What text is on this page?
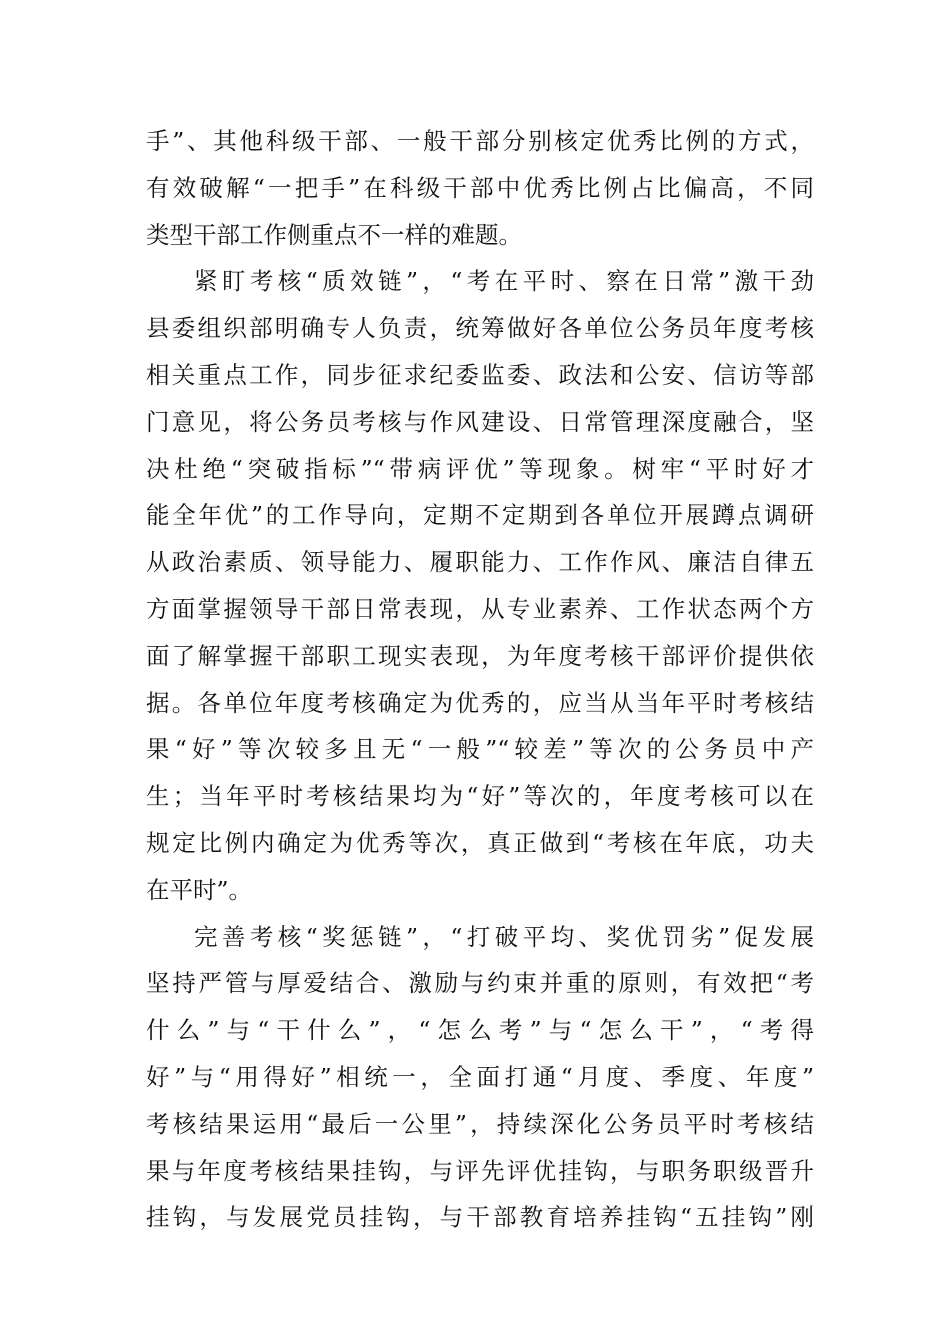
手”、其他科级干部、一般干部分别核定优秀比例的方式，
有效破解“一把手”在科级干部中优秀比例占比偏高，不同
类型干部工作侧重点不一样的难题。
紧盯考核“质效链”，“考在平时、察在日常”激干劲
县委组织部明确专人负责，统筹做好各单位公务员年度考核
相关重点工作，同步征求纪委监委、政法和公安、信访等部
门意见，将公务员考核与作风建设、日常管理深度融合，坚
决杜绝“突破指标”“带病评优”等现象。树牢“平时好才
能全年优”的工作导向，定期不定期到各单位开展蹲点调研
从政治素质、领导能力、履职能力、工作作风、廉洁自律五
方面掌握领导干部日常表现，从专业素养、工作状态两个方
面了解掌握干部职工现实表现，为年度考核干部评价提供依
据。各单位年度考核确定为优秀的，应当从当年平时考核结
果“好”等次较多且无“一般”“较差”等次的公务员中产
生；当年平时考核结果均为“好”等次的，年度考核可以在
规定比例内确定为优秀等次，真正做到“考核在年底，功夫
在平时”。
完善考核“奖惩链”，“打破平均、奖优罚劣”促发展
坚持严管与厚爱结合、激励与约束并重的原则，有效把“考
什么”与“干什么”，“怎么考”与“怎么干”，“考得
好”与“用得好”相统一，全面打通“月度、季度、年度”
考核结果运用“最后一公里”，持续深化公务员平时考核结
果与年度考核结果挂钩，与评先评优挂钩，与职务职级晋升
挂钩，与发展党员挂钩，与干部教育培养挂钩“五挂钩”刚
